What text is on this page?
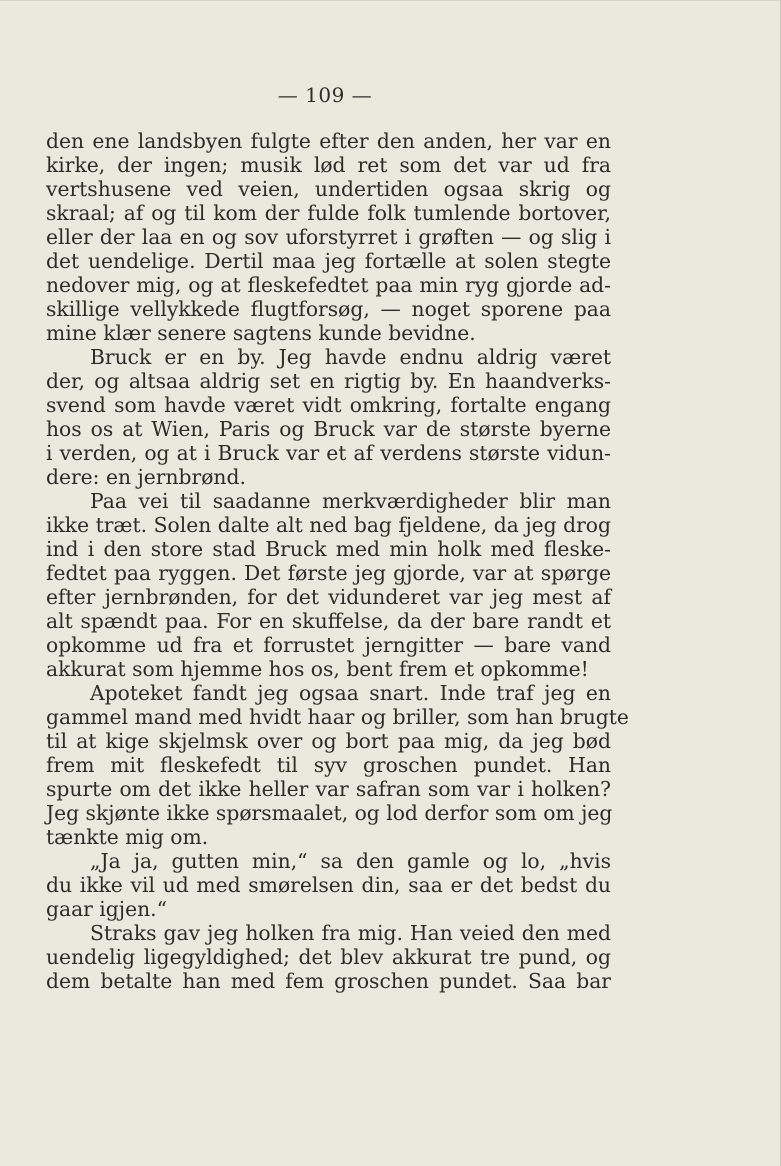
— 109 —
den ene landsbyen fulgte efter den anden, her var en
kirke, der ingen; musik lød ret som det var ud fra
vertshusene ved veien, undertiden ogsaa skrig og
skraal; af og til kom der fulde folk tumlende bortover,
eller der laa en og sov uforstyrret i grøften — og slig i
det uendelige. Dertil maa jeg fortælle at solen stegte
nedover mig, og at fleskefedtet paa min ryg gjorde ad-
skillige vellykkede flugtforsøg, — noget sporene paa
mine klær senere sagtens kunde bevidne.
Bruck er en by. Jeg havde endnu aldrig været
der, og altsaa aldrig set en rigtig by. En haandverks-
svend som havde været vidt omkring, fortalte engang
hos os at Wien, Paris og Bruck var de største byerne
i verden, og at i Bruck var et af verdens største vidun-
dere: en jernbrønd.
Paa vei til saadanne merkværdigheder blir man
ikke træt. Solen dalte alt ned bag fjeldene, da jeg drog
ind i den store stad Bruck med min holk med fleske-
fedtet paa ryggen. Det første jeg gjorde, var at spørge
efter jernbrønden, for det vidunderet var jeg mest af
alt spændt paa. For en skuffelse, da der bare randt et
opkomme ud fra et forrustet jerngitter — bare vand
akkurat som hjemme hos os, bent frem et opkomme!
Apoteket fandt jeg ogsaa snart. Inde traf jeg en
gammel mand med hvidt haar og briller, som han brugte
til at kige skjelmsk over og bort paa mig, da jeg bød
frem mit fleskefedt til syv groschen pundet. Han
spurte om det ikke heller var safran som var i holken?
Jeg skjønte ikke spørsmaalet, og lod derfor som om jeg
tænkte mig om.
„Ja ja, gutten min,“ sa den gamle og lo, „hvis
du ikke vil ud med smørelsen din, saa er det bedst du
gaar igjen.“
Straks gav jeg holken fra mig. Han veied den med
uendelig ligegyldighed; det blev akkurat tre pund, og
dem betalte han med fem groschen pundet. Saa bar
